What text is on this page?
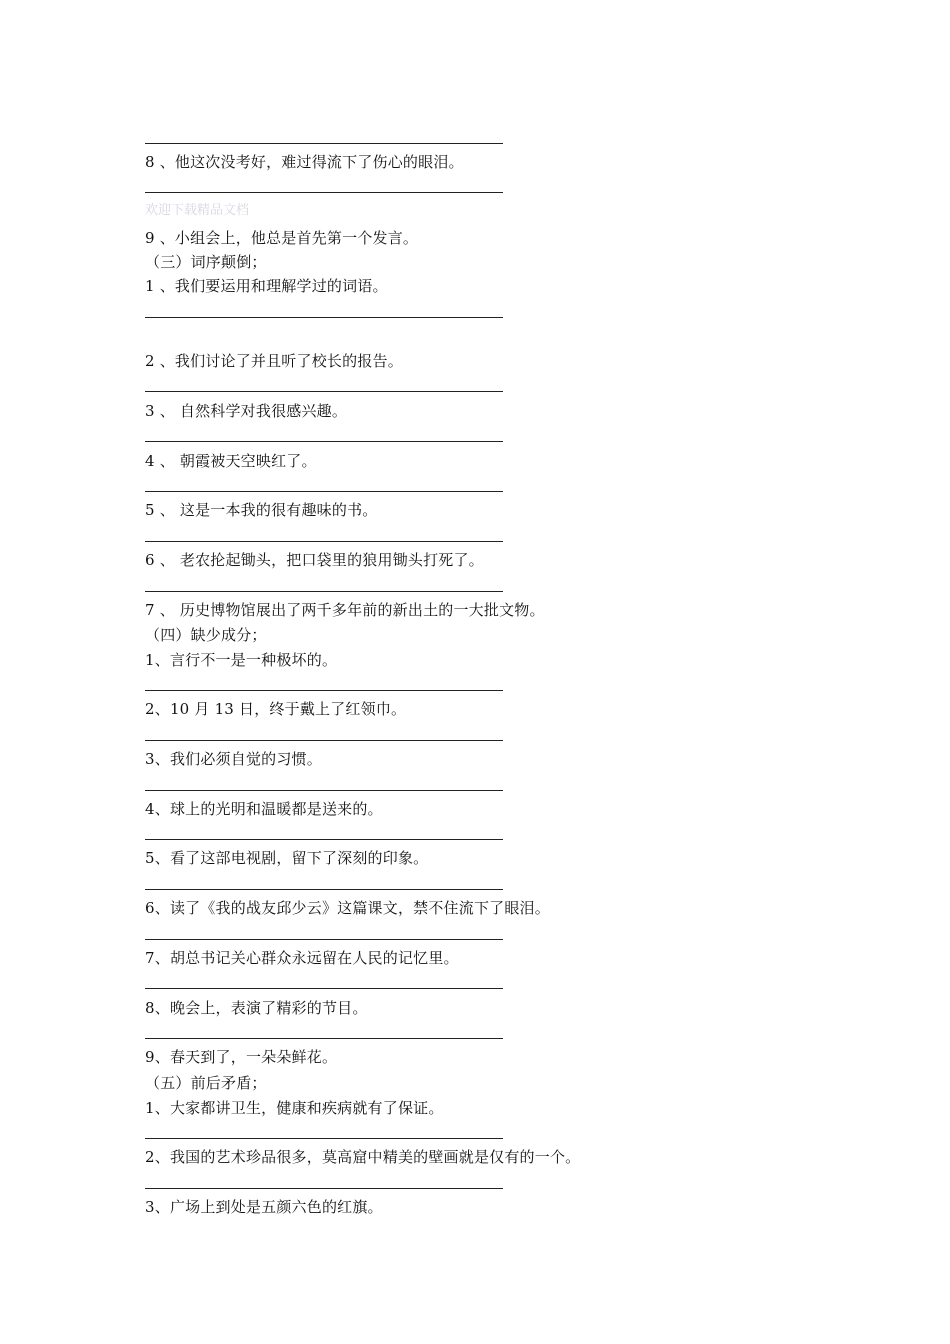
8 、他这次没考好，难过得流下了伤心的眼泪。
欢迎下载精品文档
9 、小组会上，他总是首先第一个发言。
（三）词序颠倒；
1 、我们要运用和理解学过的词语。
2 、我们讨论了并且听了校长的报告。
3 、 自然科学对我很感兴趣。
4 、 朝霞被天空映红了。
5 、 这是一本我的很有趣味的书。
6 、 老农抡起锄头，把口袋里的狼用锄头打死了。
7 、 历史博物馆展出了两千多年前的新出土的一大批文物。
（四）缺少成分；
1、言行不一是一种极坏的。
2、10 月 13 日，终于戴上了红领巾。
3、我们必须自觉的习惯。
4、球上的光明和温暖都是送来的。
5、看了这部电视剧，留下了深刻的印象。
6、读了《我的战友邱少云》这篇课文，禁不住流下了眼泪。
7、胡总书记关心群众永远留在人民的记忆里。
8、晚会上，表演了精彩的节目。
9、春天到了，一朵朵鲜花。
（五）前后矛盾；
1、大家都讲卫生，健康和疾病就有了保证。
2、我国的艺术珍品很多，莫高窟中精美的壁画就是仅有的一个。
3、广场上到处是五颜六色的红旗。
